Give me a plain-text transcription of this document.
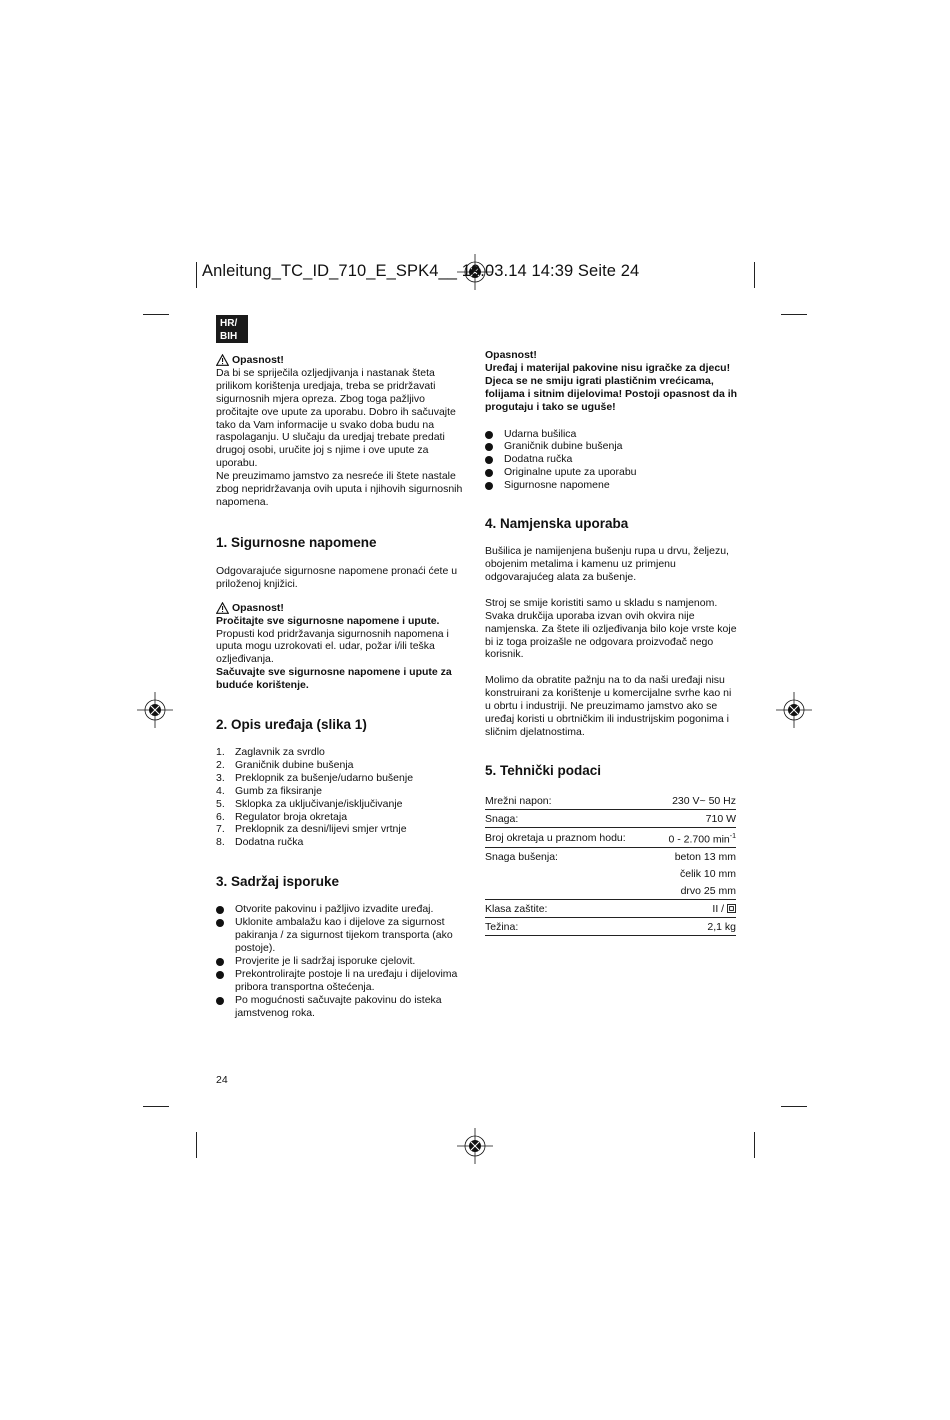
Anleitung_TC_ID_710_E_SPK4__ 19.03.14 14:39 Seite 24
HR/
BIH
Opasnost!

Da bi se spriječila ozljedjivanja i nastanak šteta prilikom korištenja uredjaja, treba se pridržavati sigurnosnih mjera opreza. Zbog toga pažljivo pročitajte ove upute za uporabu. Dobro ih sačuvajte tako da Vam informacije u svako doba budu na raspolaganju. U slučaju da uredjaj trebate predati drugoj osobi, uručite joj s njime i ove upute za uporabu.

Ne preuzimamo jamstvo za nesreće ili štete nastale zbog nepridržavanja ovih uputa i njihovih sigurnosnih napomena.

1. Sigurnosne napomene

Odgovarajuće sigurnosne napomene pronaći ćete u priloženoj knjižici.

Opasnost!

Pročitajte sve sigurnosne napomene i upute.

Propusti kod pridržavanja sigurnosnih napomena i uputa mogu uzrokovati el. udar, požar i/ili teška ozljeđivanja.

Sačuvajte sve sigurnosne napomene i upute za buduće korištenje.

2. Opis uređaja (slika 1)
1. Zaglavnik za svrdlo
2. Graničnik dubine bušenja
3. Preklopnik za bušenje/udarno bušenje
4. Gumb za fiksiranje
5. Sklopka za uključivanje/isključivanje
6. Regulator broja okretaja
7. Preklopnik za desni/lijevi smjer vrtnje
8. Dodatna ručka
3. Sadržaj isporuke
Otvorite pakovinu i pažljivo izvadite uređaj.
Uklonite ambalažu kao i dijelove za sigurnost pakiranja / za sigurnost tijekom transporta (ako postoje).
Provjerite je li sadržaj isporuke cjelovit.
Prekontrolirajte postoje li na uređaju i dijelovima pribora transportna oštećenja.
Po mogućnosti sačuvajte pakovinu do isteka jamstvenog roka.

Opasnost!

Uređaj i materijal pakovine nisu igračke za djecu! Djeca se ne smiju igrati plastičnim vrećicama, folijama i sitnim dijelovima! Postoji opasnost da ih progutaju i tako se uguše!

Udarna bušilica
Graničnik dubine bušenja
Dodatna ručka
Originalne upute za uporabu
Sigurnosne napomene
4. Namjenska uporaba

Bušilica je namijenjena bušenju rupa u drvu, željezu, obojenim metalima i kamenu uz primjenu odgovarajućeg alata za bušenje.

Stroj se smije koristiti samo u skladu s namjenom. Svaka drukčija uporaba izvan ovih okvira nije namjenska. Za štete ili ozljeđivanja bilo koje vrste koje bi iz toga proizašle ne odgovara proizvođač nego korisnik.

Molimo da obratite pažnju na to da naši uređaji nisu konstruirani za korištenje u komercijalne svrhe kao ni u obrtu i industriji. Ne preuzimamo jamstvo ako se uređaj koristi u obrtničkim ili industrijskim pogonima i sličnim djelatnostima.

5. Tehnički podaci
Mrežni napon:	230 V~ 50 Hz
Snaga:	710 W
Broj okretaja u praznom hodu:	0 - 2.700 $\min^{-1}$
Snaga bušenja:	beton 13 mm
	čelik 10 mm
	drvo 25 mm
Klasa zaštite:	II /
Težina:	2,1 kg
24
